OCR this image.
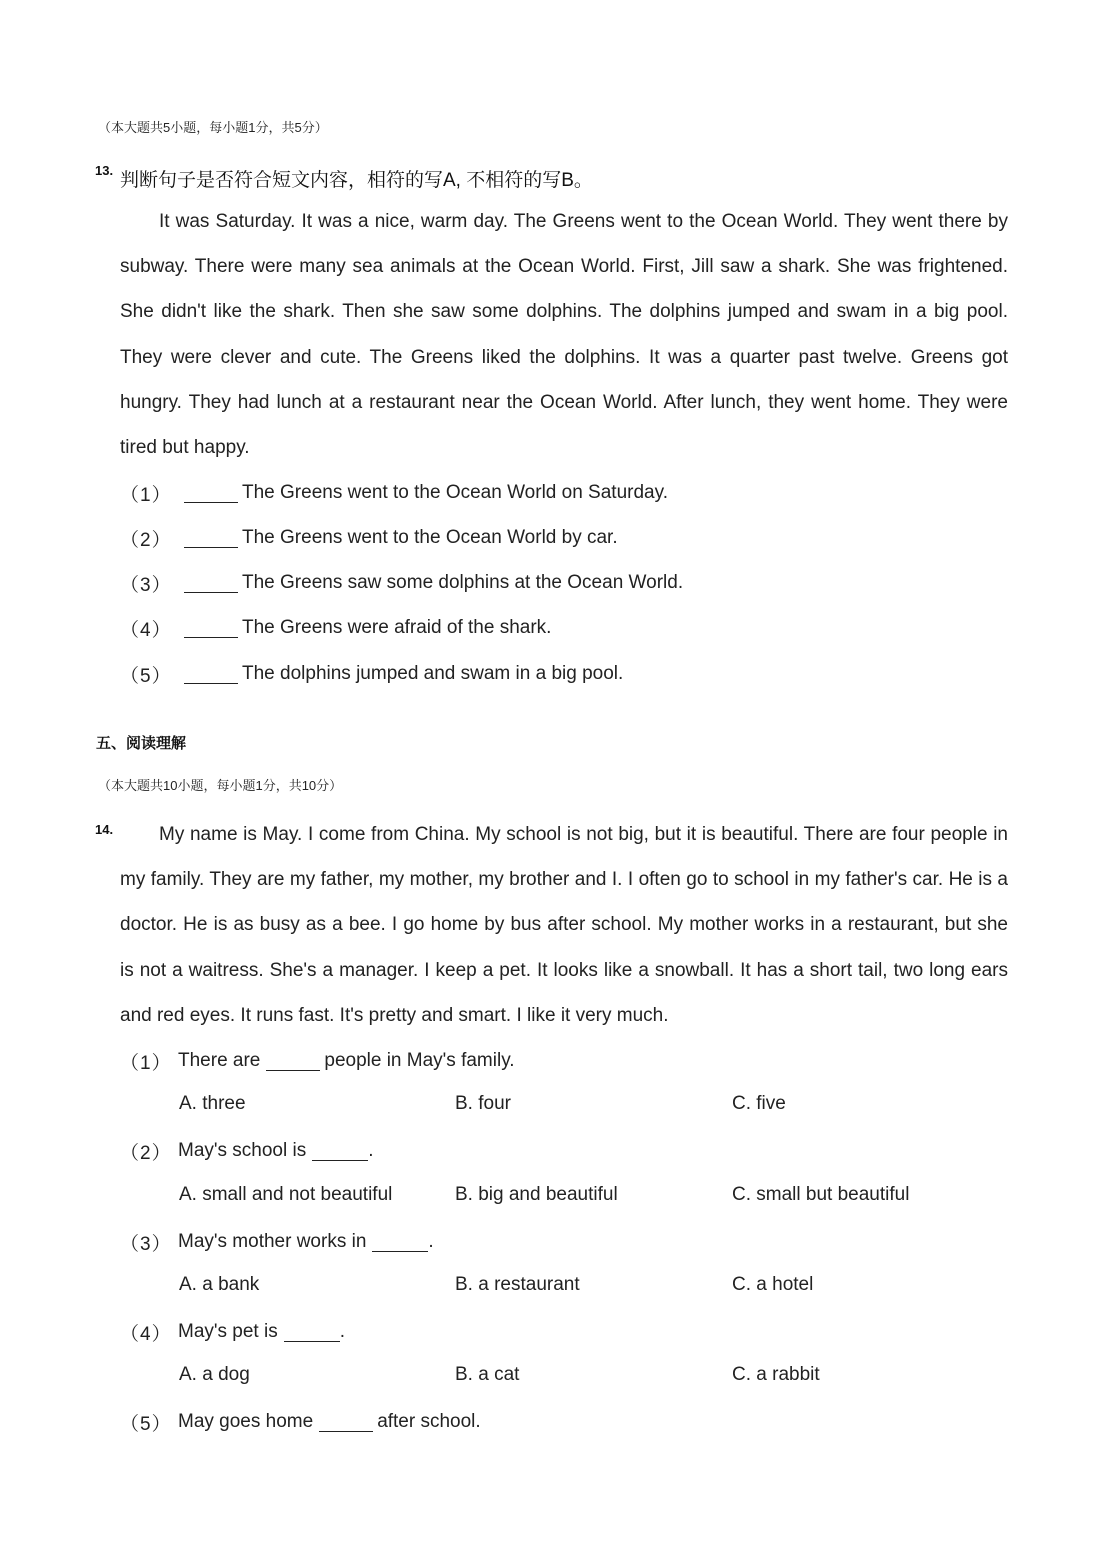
（本大题共5小题，每小题1分，共5分）
13. 判断句子是否符合短文内容，相符的写A, 不相符的写B。

It was Saturday. It was a nice, warm day. The Greens went to the Ocean World. They went there by subway. There were many sea animals at the Ocean World. First, Jill saw a shark. She was frightened. She didn't like the shark. Then she saw some dolphins. The dolphins jumped and swam in a big pool. They were clever and cute. The Greens liked the dolphins. It was a quarter past twelve. Greens got hungry. They had lunch at a restaurant near the Ocean World. After lunch, they went home. They were tired but happy.

（1）	The Greens went to the Ocean World on Saturday.
（2）	The Greens went to the Ocean World by car.
（3）	The Greens saw some dolphins at the Ocean World.
（4）	The Greens were afraid of the shark.
（5）	The dolphins jumped and swam in a big pool.
五、阅读理解
（本大题共10小题，每小题1分，共10分）
14.	My name is May. I come from China. My school is not big, but it is beautiful. There are four people in my family. They are my father, my mother, my brother and I. I often go to school in my father's car. He is a doctor. He is as busy as a bee. I go home by bus after school. My mother works in a restaurant, but she is not a waitress. She's a manager. I keep a pet. It looks like a snowball. It has a short tail, two long ears and red eyes. It runs fast. It's pretty and smart. I like it very much.

（1） There are	people in May's family.
A. three	B. four	C. five
（2） May's school is	.
A. small and not beautiful	B. big and beautiful	C. small but beautiful
（3） May's mother works in	.
A. a bank	B. a restaurant	C. a hotel
（4） May's pet is	.
A. a dog	B. a cat	C. a rabbit
（5） May goes home	after school.
